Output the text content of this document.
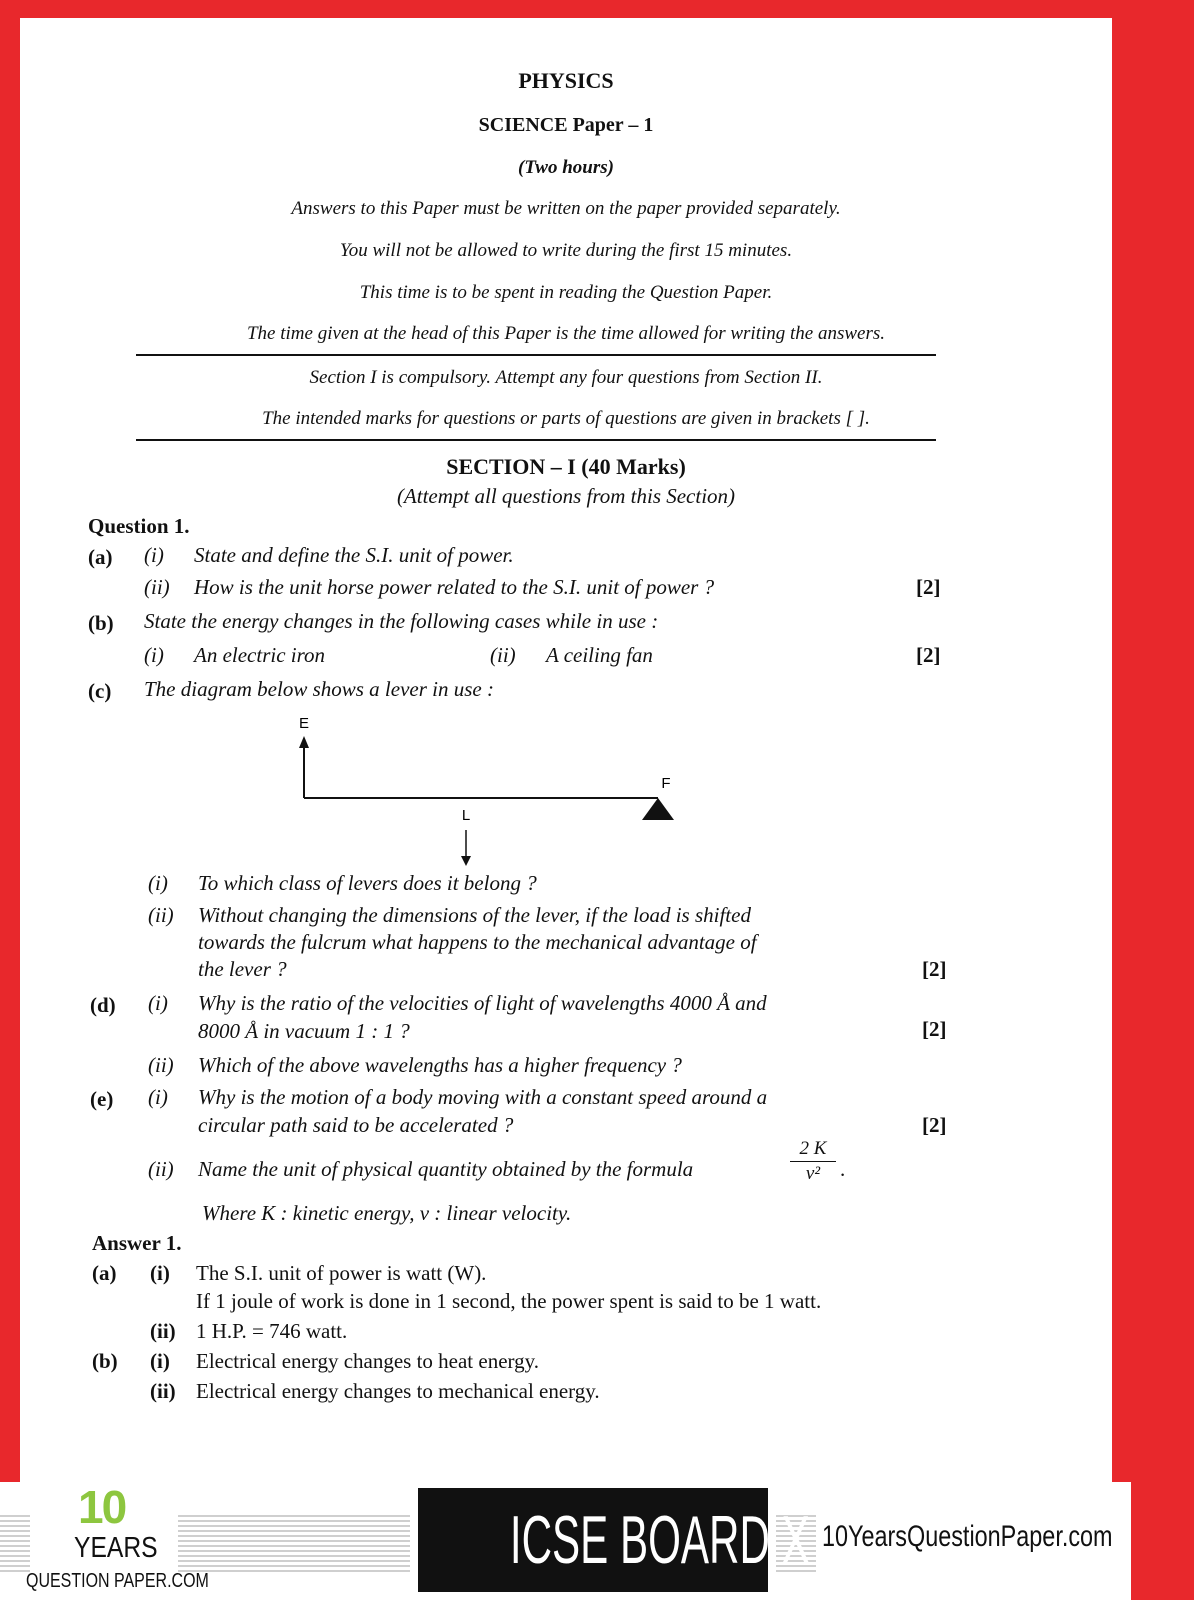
PHYSICS
SCIENCE Paper – 1
(Two hours)
Answers to this Paper must be written on the paper provided separately.
You will not be allowed to write during the first 15 minutes.
This time is to be spent in reading the Question Paper.
The time given at the head of this Paper is the time allowed for writing the answers.
Section I is compulsory. Attempt any four questions from Section II.
The intended marks for questions or parts of questions are given in brackets [ ].
SECTION – I (40 Marks)
(Attempt all questions from this Section)
Question 1.
(a) (i) State and define the S.I. unit of power.
(ii) How is the unit horse power related to the S.I. unit of power ?	[2]
(b) State the energy changes in the following cases while in use :
(i) An electric iron	(ii) A ceiling fan	[2]
(c) The diagram below shows a lever in use :
E
F
L
(i) To which class of levers does it belong ?
(ii) Without changing the dimensions of the lever, if the load is shifted
towards the fulcrum what happens to the mechanical advantage of
the lever ?	[2]
(d) (i) Why is the ratio of the velocities of light of wavelengths 4000 Å and
8000 Å in vacuum 1 : 1 ?	[2]
(ii) Which of the above wavelengths has a higher frequency ?
(e) (i) Why is the motion of a body moving with a constant speed around a
circular path said to be accelerated ?	[2]
(ii) Name the unit of physical quantity obtained by the formula
2 K
v² .
Where K : kinetic energy, v : linear velocity.
Answer 1.
(a) (i) The S.I. unit of power is watt (W).
If 1 joule of work is done in 1 second, the power spent is said to be 1 watt.
(ii) 1 H.P. = 746 watt.
(b) (i) Electrical energy changes to heat energy.
(ii) Electrical energy changes to mechanical energy.
10
YEARS
QUESTION PAPER.COM
ICSE BOARD X 10YearsQuestionPaper.com
